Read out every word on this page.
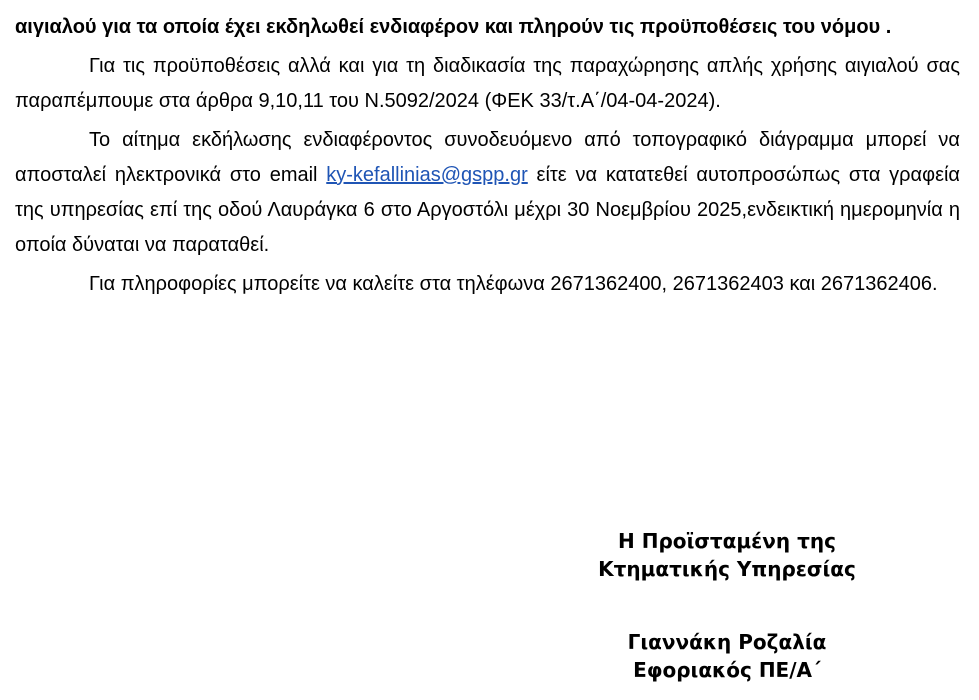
αιγιαλού για τα οποία έχει εκδηλωθεί ενδιαφέρον και πληρούν τις προϋποθέσεις του νόμου .

Για τις προϋποθέσεις αλλά και για τη διαδικασία της παραχώρησης απλής χρήσης αιγιαλού σας παραπέμπουμε στα άρθρα 9,10,11 του Ν.5092/2024 (ΦΕΚ 33/τ.Α΄/04-04-2024).

Το αίτημα εκδήλωσης ενδιαφέροντος συνοδευόμενο από τοπογραφικό διάγραμμα μπορεί να αποσταλεί ηλεκτρονικά στο email ky-kefallinias@gspp.gr είτε να κατατεθεί αυτοπροσώπως στα γραφεία της υπηρεσίας επί της οδού Λαυράγκα 6 στο Αργοστόλι μέχρι 30 Νοεμβρίου 2025,ενδεικτική ημερομηνία η οποία δύναται να παραταθεί.

Για πληροφορίες μπορείτε να καλείτε στα τηλέφωνα 2671362400, 2671362403 και 2671362406.

Η Προϊσταμένη της
Κτηματικής Υπηρεσίας
Γιαννάκη Ροζαλία
Εφοριακός ΠΕ/Α΄
